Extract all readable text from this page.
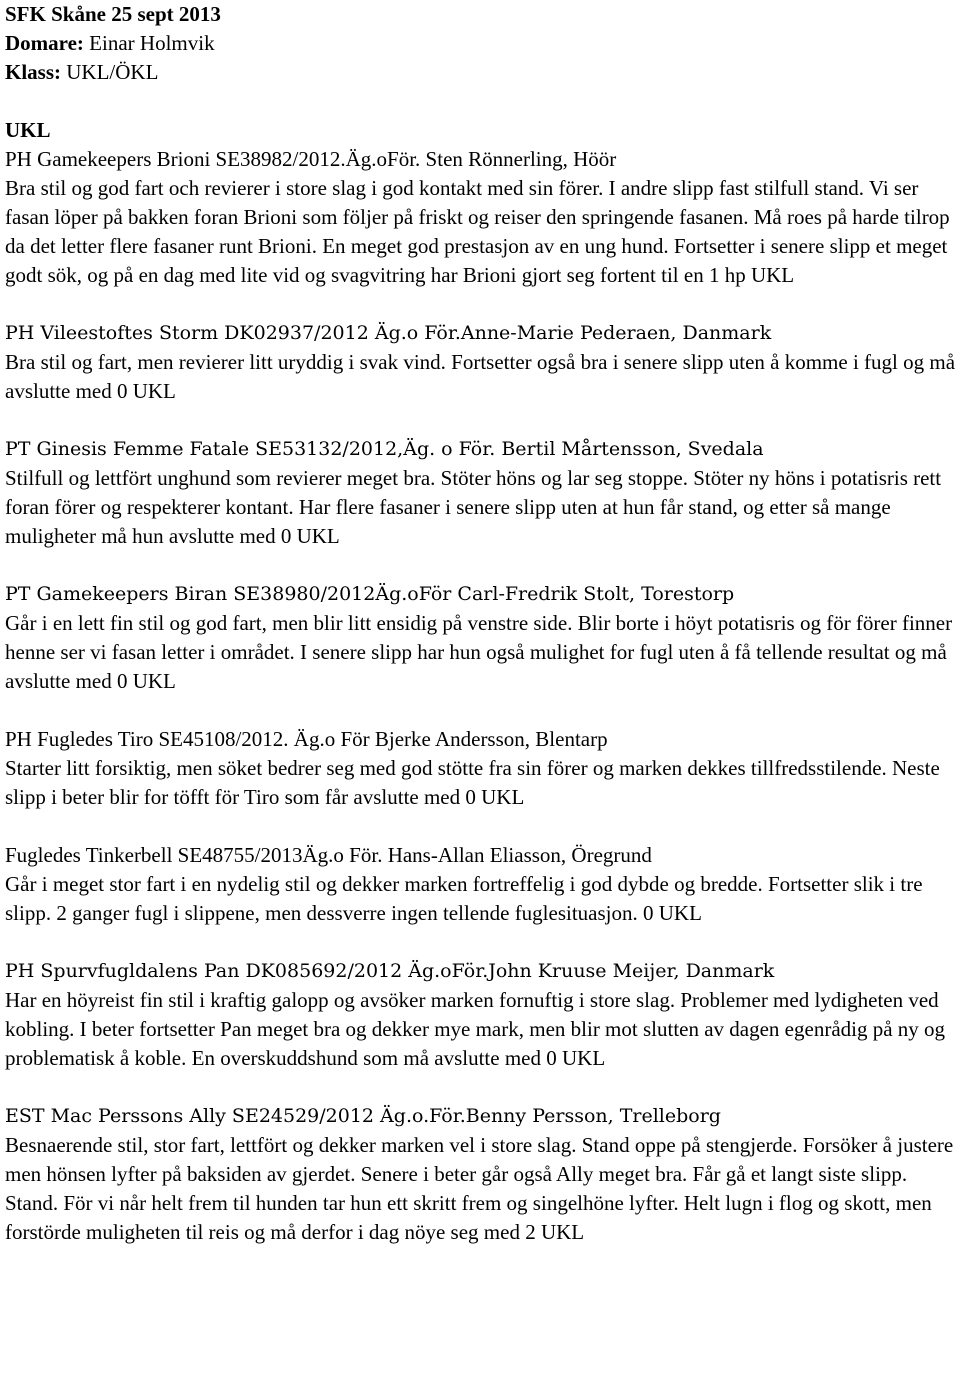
SFK Skåne 25 sept 2013
Domare: Einar Holmvik
Klass: UKL/ÖKL
UKL
PH Gamekeepers Brioni SE38982/2012.Äg.oFör. Sten Rönnerling, Höör
Bra stil og god fart och revierer i store slag i god kontakt med sin förer. I andre slipp fast stilfull stand. Vi ser fasan löper på bakken foran Brioni som följer på friskt og reiser den springende fasanen. Må roes på harde tilrop da det letter flere fasaner runt Brioni. En meget god prestasjon av en ung hund. Fortsetter i senere slipp et meget godt sök, og på en dag med lite vid og svagvitring har Brioni gjort seg fortent til en 1 hp UKL
PH Vileestoftes Storm DK02937/2012 Äg.o För.Anne-Marie Pederaen, Danmark
Bra stil og fart, men revierer litt uryddig i svak vind. Fortsetter også bra i senere slipp uten å komme i fugl og må avslutte med 0 UKL
PT Ginesis Femme Fatale SE53132/2012,Äg. o För. Bertil Mårtensson, Svedala
Stilfull og lettfört unghund som revierer meget bra. Stöter höns og lar seg stoppe. Stöter ny höns i potatisris rett foran förer og respekterer kontant. Har flere fasaner i senere slipp uten at hun får stand, og etter så mange muligheter må hun avslutte med 0 UKL
PT Gamekeepers Biran SE38980/2012Äg.oFör Carl-Fredrik Stolt, Torestorp
Går i en lett fin stil og god fart, men blir litt ensidig på venstre side. Blir borte i höyt potatisris og för förer finner henne ser vi fasan letter i området. I senere slipp har hun også mulighet for fugl uten å få tellende resultat og må avslutte med 0 UKL
PH Fugledes Tiro SE45108/2012. Äg.o För Bjerke Andersson, Blentarp
Starter litt forsiktig, men söket bedrer seg med god stötte fra sin förer og marken dekkes tillfredsstilende. Neste slipp i beter blir for töfft för Tiro som får avslutte med 0 UKL
Fugledes Tinkerbell SE48755/2013Äg.o För. Hans-Allan Eliasson, Öregrund
Går i meget stor fart i en nydelig stil og dekker marken fortreffelig i god dybde og bredde. Fortsetter slik i tre slipp. 2 ganger fugl i slippene, men dessverre ingen tellende fuglesituasjon. 0 UKL
PH Spurvfugldalens Pan DK085692/2012 Äg.oFör.John Kruuse Meijer, Danmark
Har en höyreist fin stil i kraftig galopp og avsöker marken fornuftig i store slag. Problemer med lydigheten ved kobling. I beter fortsetter Pan meget bra og dekker mye mark, men blir mot slutten av dagen egenrådig på ny og problematisk å koble. En overskuddshund som må avslutte med 0 UKL
EST Mac Perssons Ally SE24529/2012 Äg.o.För.Benny Persson, Trelleborg
Besnaerende stil, stor fart, lettfört og dekker marken vel i store slag. Stand oppe på stengjerde. Forsöker å justere men hönsen lyfter på baksiden av gjerdet. Senere i beter går også Ally meget bra. Får gå et langt siste slipp. Stand. För vi når helt frem til hunden tar hun ett skritt frem og singelhöne lyfter. Helt lugn i flog og skott, men forstörde muligheten til reis og må derfor i dag nöye seg med 2 UKL
